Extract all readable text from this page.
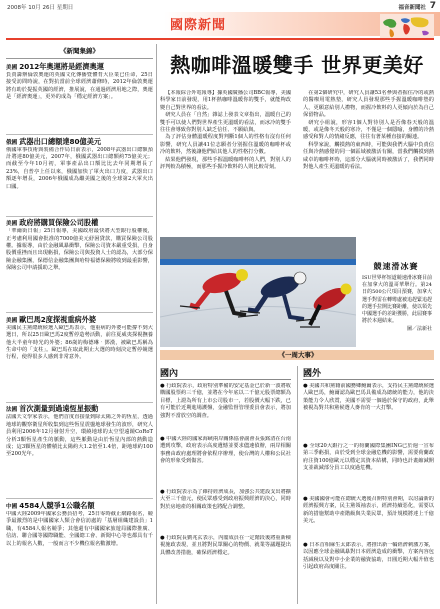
2008年 10月 26日 星期日	福音新聞社 7
國際新聞
《新聞集錦》
美國 2012年奧運將是經濟奧運
負責籌辦倫敦奧運的英國文化傳播暨體育大臣業已任命，25日接受訪問時說，在對抗當前全球經濟蕭條時，2012年倫敦奧運將有助於提振英國的經濟，推展說，在通過經濟用地之際，奧運是「經濟奧運」，更外的成為「穩定經濟方案」。
俄國 武器出口總額達80億美元
俄國軍事技術與裝備合作局日前表示，2008年武器出口總額預計將達80億美元，2007年，俄國武器出口總額約75億美元；而截至今年10月初，軍事產品出口額比比去年同期增長了23%，自普亭上任以來，俄國加快了軍火出口力度，武器出口額逐年增長，2006年俄國成為繼美國之後的全球第2大軍火出口國。
美國 政府將購買保險公司股權
「華爾街日報」25日報導，美國政府最快將大型銀行股權後，正考慮利用國會批准的7000億美元紓困貸款，購買保險公司股權。據報導，由於金融風暴衝擊，保險公司資本嚴重受損，自身股價重挫而且出現虧損，保險公司與投資人士的認為，大部分保險金融集團，保德信金融集團與哈特福德保險將收到最重影響，保險公司申請援助之舉。
美國 歐巴馬2度探視重病外婆
美國民主黨總統候選人歐巴馬表示，他重病的外婆可能撐不到大選日，所以25日歐巴馬2度暫停造勢活動，前往夏威夷探視撫養他大半童年時光的外婆；86歲的梅德琳‧鄧漢，被歐巴馬稱為生命中的「支柱」。歐巴馬在取此期止大選的時刻決定暫停競選行程，使得很多人感到非常意外。
法國 首次測量到過遠恆星振動
法國天文學家表示，他們首度直接量到除太陽之外的恆星，透過地球的觀察衛星所收集到這些恆星震盪地球發生的波形，研究人員利用2006年12月發射升空，環繞地球的太空望遠鏡CoRoT分析3顆恆星產生的脈動，這些脈動是由於恆星內部的熱動造成；這3顆恆星的體積比太陽約大1.2倍至1.4倍，距地球約100至200光年。
中國 4584人競爭1公職名額
中國大陸2009年國家公務員招考，25日零時截止網路報名，競爭最激烈的是中國國家人類合會信訪處的「基層組織建設員」1職，有4584人報名競爭；其他還有中國國家旅遊局國際推廣、信訪、聯合國等國際職能、全國總工會、新聞中心等也都具有千以上的報名人數，一般而言不少機位報名數激增。
熱咖啡溫暖雙手 世界更美好

【本報綜合外電報導】據英國廣播公司BBC報導，美國科學家日前發現，用1杯熱咖啡溫暖你的雙手，就能夠改變自己對世界的看法。

研究人員在「自然」雜誌上發表文章指出，溫暖自己的雙手可以使人們對世界產生更溫暖的看法，而冰冷的雙手往往會導致你對別人缺乏信任、不願給與。

為了評估身體溫暖程度對判斷1個人的性格有沒有任何影響，研究人員讓41位志願者分別握住溫暖的咖啡杯或冷的飲料，然後讓他們給其他人的性格打分數。

結果他們發現，那些手握溫暖咖啡杯的人們，對別人的評判較為積極，而那些手握冷飲料的人則比較苛刻。

在第2個研究中，研究人員讓53名參與者握住冷的或熱的醫療用電熱墊，研究人員發現那些手握溫暖咖啡墊的人，更願意給別人禮物，而握冷飲料的人更傾向於為自己保留物品。

研究小組說，形容1個人對待別人是否像春天般的溫暖，或是像冬天般的寒冷，不僅是一個隱喻，身體的冷熱感受和對人的情緒反應，往往有著某種直接的關連。

科學家說，觸摸熱的東西時，可能與我們大腦中負責信任與冷熱感覺的同一個區域被激活有關，當我們觸摸到熱咸卓的咖啡杯時，這部分大腦就同時被激活了，我們同時對他人產生更溫暖的看法。

競速滑冰賽
ISU世界杯短道競速滑冰賽目前在加拿大的溫哥華舉行。第24日的500公尺項目預賽，加拿大選手對雷在轉彎處被追趕緊追趕的選手拉開比賽距離，使以領先中國選手的差距獲勝，此屆賽事將於本週結束。
圖／法新社
《一周大事》
國內
● 行政院表示，政府特別準備的安定基金已於新一波將收購國股票約三千億，並將在今年底以二千億元股票總額為目標，上證為所有上市公司股市一，若股價大幅下跌，已有可能於近期進場護盤，金融監督管理委員會表示，將加強對不當放空的調查。
● 中國大陸的國家海峽兩岸關係協會副會長張銘清在台南遭到攻擊，政府表示高度遺憾並要求儘速偵辦，兩岸相關事務由政府處理將會依程序辦理，使台灣的人權和公民社會的形象受到傷害。
● 行政院表示為了維持經濟成長，加強公共建設支出將擴大至三千億元，使民眾感受到政府振興經濟的決心，同時對於房地產的相關政策也將配合調整。
● 行政院長劉兆玄表示，內閣成員在一定階段後將重新檢視施政表現，並且將對民眾關心的物價、就業等議題提出具體改善措施，確保經濟穩定。
國外
● 美國共和黨籍前國務卿鮑爾表示，支持民主黨總統候選人歐巴馬，鮑爾認為歐巴馬具備成為總統的能力，他的決策能力令人欣賞，美國不需要一個過於保守的政府，此舉被視為對共和黨候選人麥肯的一大打擊。
● 全球20大銀行之一的荷蘭國際集團ING已於週一宣布第三季虧損，由於受到全球金融危機的影響，需要荷蘭政府注資100億歐元以穩定其資本結構，同時也計畫縮減開支並裁減部分員工以度過危機。
● 美國國會可能在總統大選後召開特別會期，以討論新的經濟振興方案，民主黨領袖表示，經濟持續惡化，需要以新的措施幫助中產階級與失業民眾，預計規模將達上千億美元。
● 日本首相麻生太郎表示，將推出新一輪經濟刺激方案，以因應全球金融風暴對日本經濟造成的衝擊，方案內容包括減稅以及對中小企業的融資協助，日圓近期大幅升值也引起政府高度關注。
